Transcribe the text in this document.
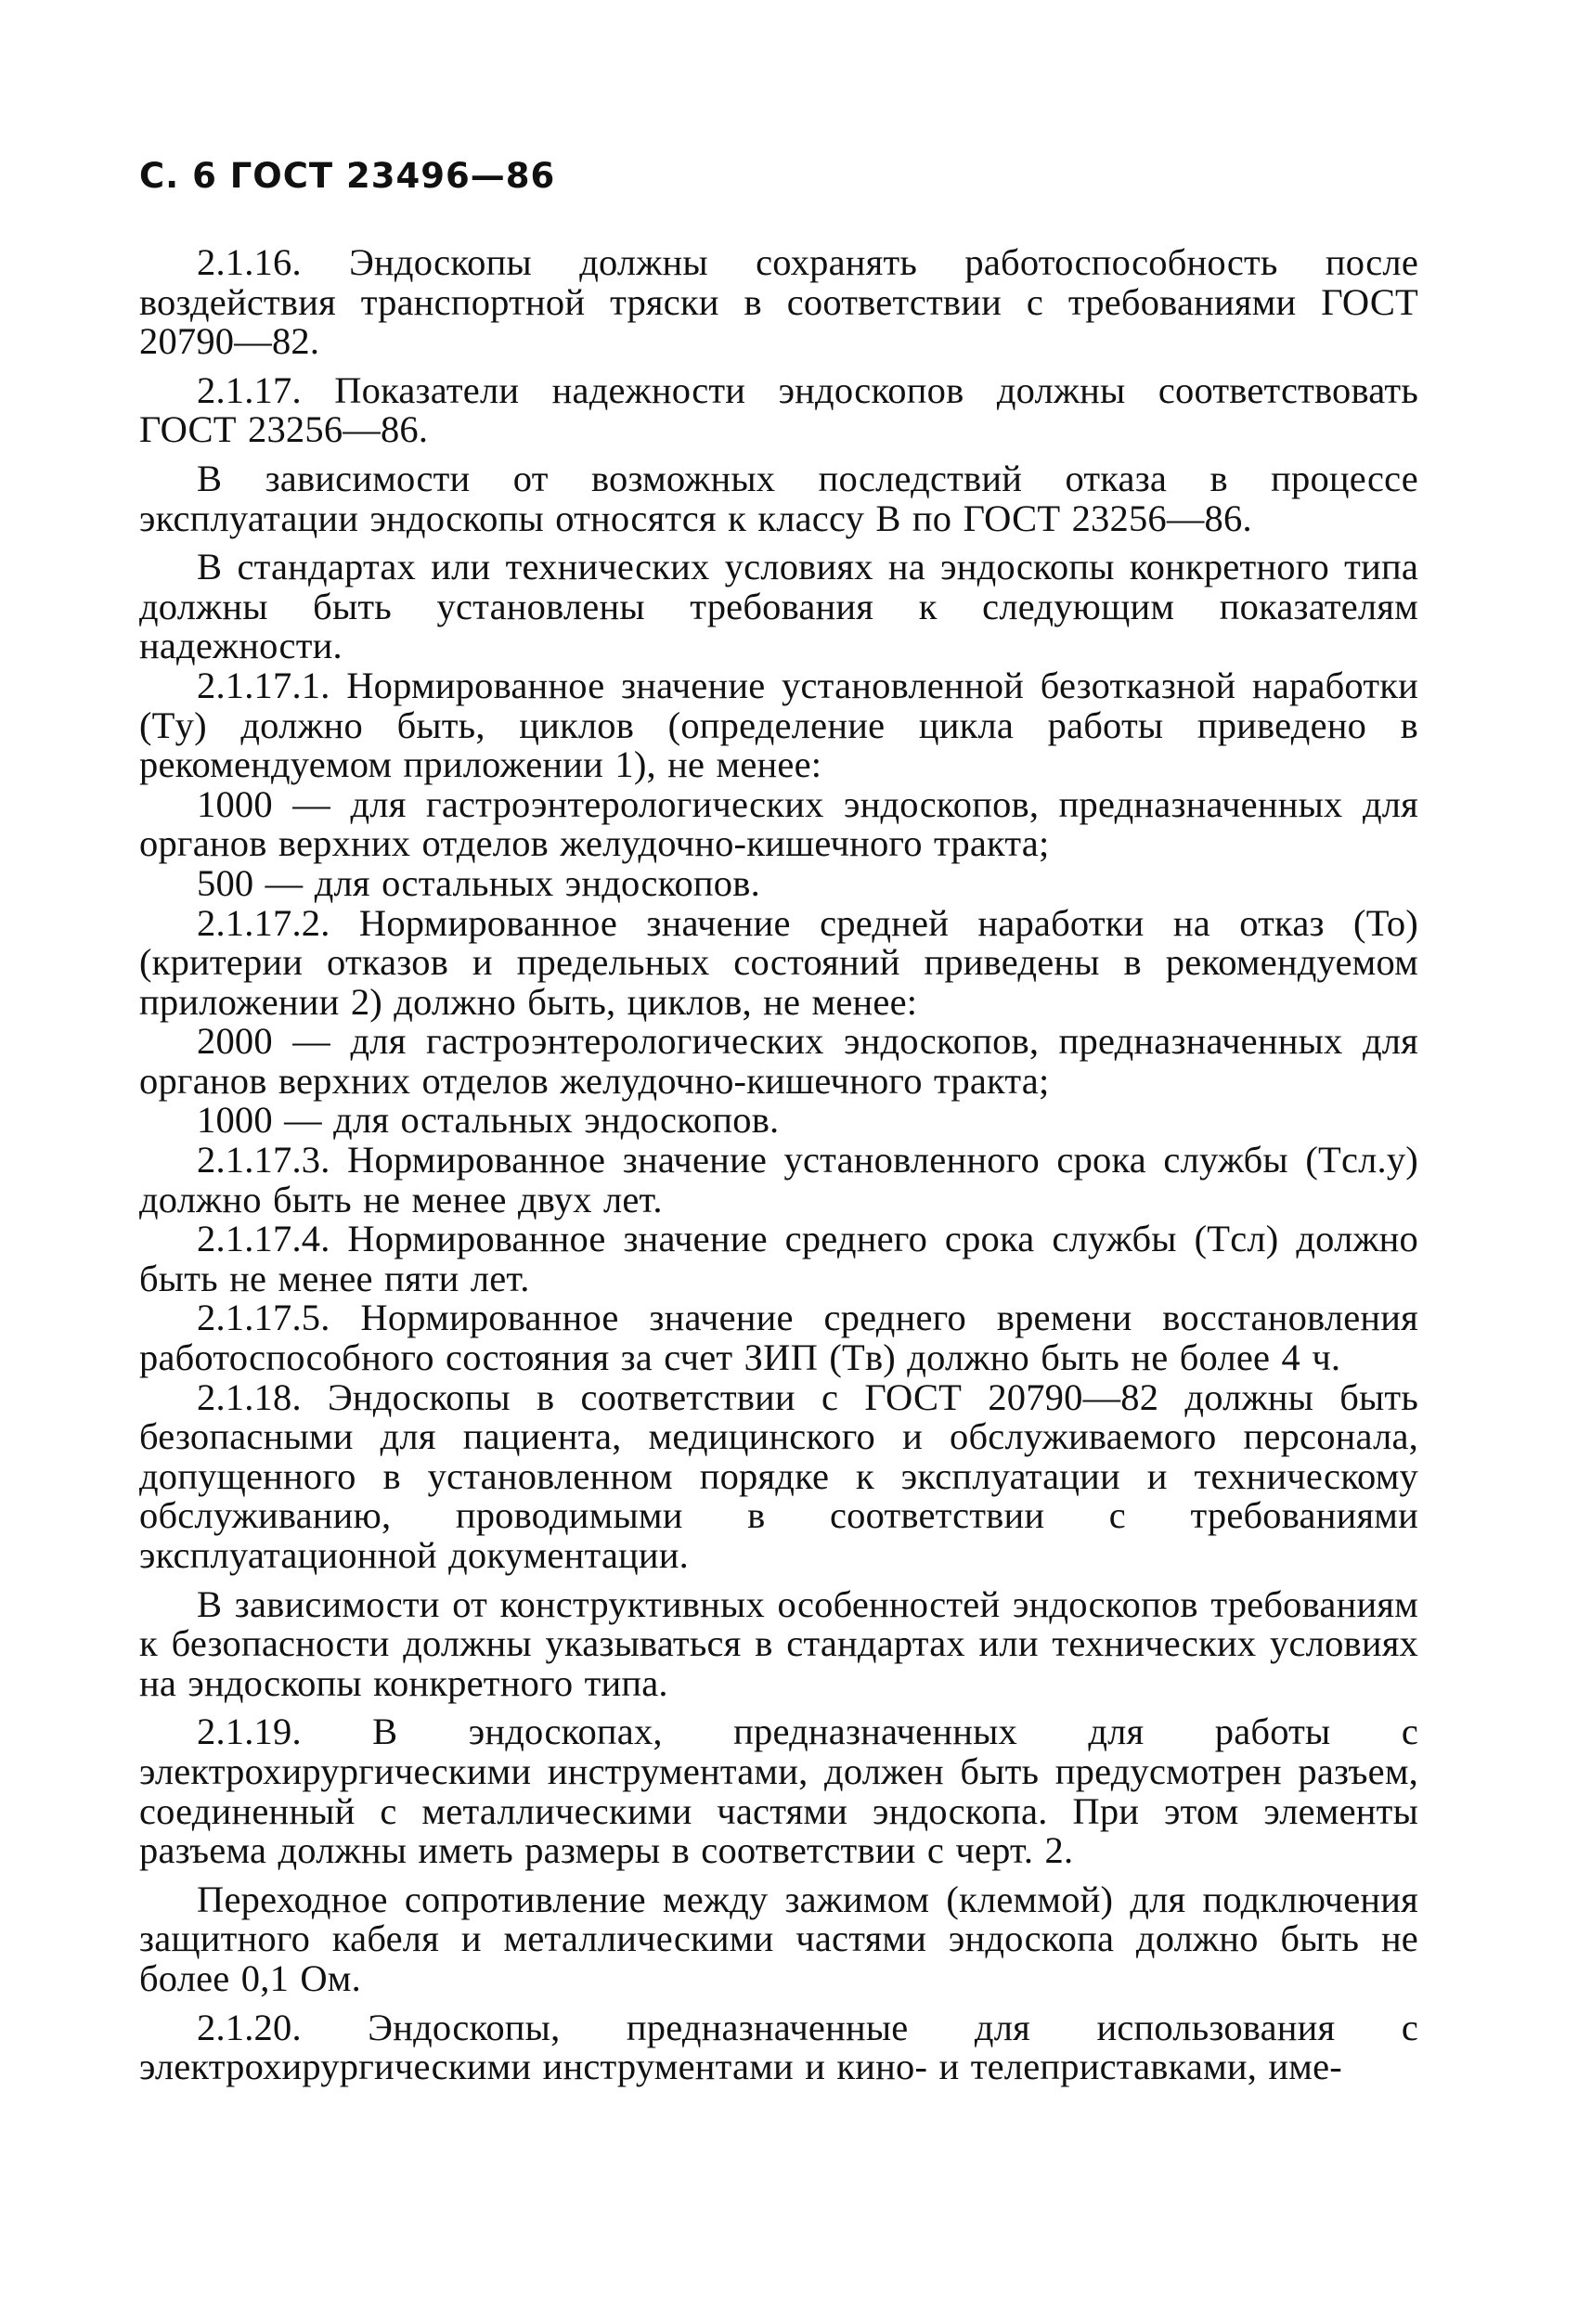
С. 6 ГОСТ 23496—86

2.1.16. Эндоскопы должны сохранять работоспособность после воздействия транспортной тряски в соответствии с требованиями ГОСТ 20790—82.

2.1.17. Показатели надежности эндоскопов должны соответствовать ГОСТ 23256—86.

В зависимости от возможных последствий отказа в процессе эксплуатации эндоскопы относятся к классу В по ГОСТ 23256—86.

В стандартах или технических условиях на эндоскопы конкретного типа должны быть установлены требования к следующим показателям надежности.

2.1.17.1. Нормированное значение установленной безотказной наработки (Tу) должно быть, циклов (определение цикла работы приведено в рекомендуемом приложении 1), не менее:

1000 — для гастроэнтерологических эндоскопов, предназначенных для органов верхних отделов желудочно-кишечного тракта;

500 — для остальных эндоскопов.

2.1.17.2. Нормированное значение средней наработки на отказ (To) (критерии отказов и предельных состояний приведены в рекомендуемом приложении 2) должно быть, циклов, не менее:

2000 — для гастроэнтерологических эндоскопов, предназначенных для органов верхних отделов желудочно-кишечного тракта;

1000 — для остальных эндоскопов.

2.1.17.3. Нормированное значение установленного срока службы (Tсл.у) должно быть не менее двух лет.

2.1.17.4. Нормированное значение среднего срока службы (Tсл) должно быть не менее пяти лет.

2.1.17.5. Нормированное значение среднего времени восстановления работоспособного состояния за счет ЗИП (Tв) должно быть не более 4 ч.

2.1.18. Эндоскопы в соответствии с ГОСТ 20790—82 должны быть безопасными для пациента, медицинского и обслуживаемого персонала, допущенного в установленном порядке к эксплуатации и техническому обслуживанию, проводимыми в соответствии с требованиями эксплуатационной документации.

В зависимости от конструктивных особенностей эндоскопов требованиям к безопасности должны указываться в стандартах или технических условиях на эндоскопы конкретного типа.

2.1.19. В эндоскопах, предназначенных для работы с электрохирургическими инструментами, должен быть предусмотрен разъем, соединенный с металлическими частями эндоскопа. При этом элементы разъема должны иметь размеры в соответствии с черт. 2.

Переходное сопротивление между зажимом (клеммой) для подключения защитного кабеля и металлическими частями эндоскопа должно быть не более 0,1 Ом.

2.1.20. Эндоскопы, предназначенные для использования с электрохирургическими инструментами и кино- и телеприставками, име-
